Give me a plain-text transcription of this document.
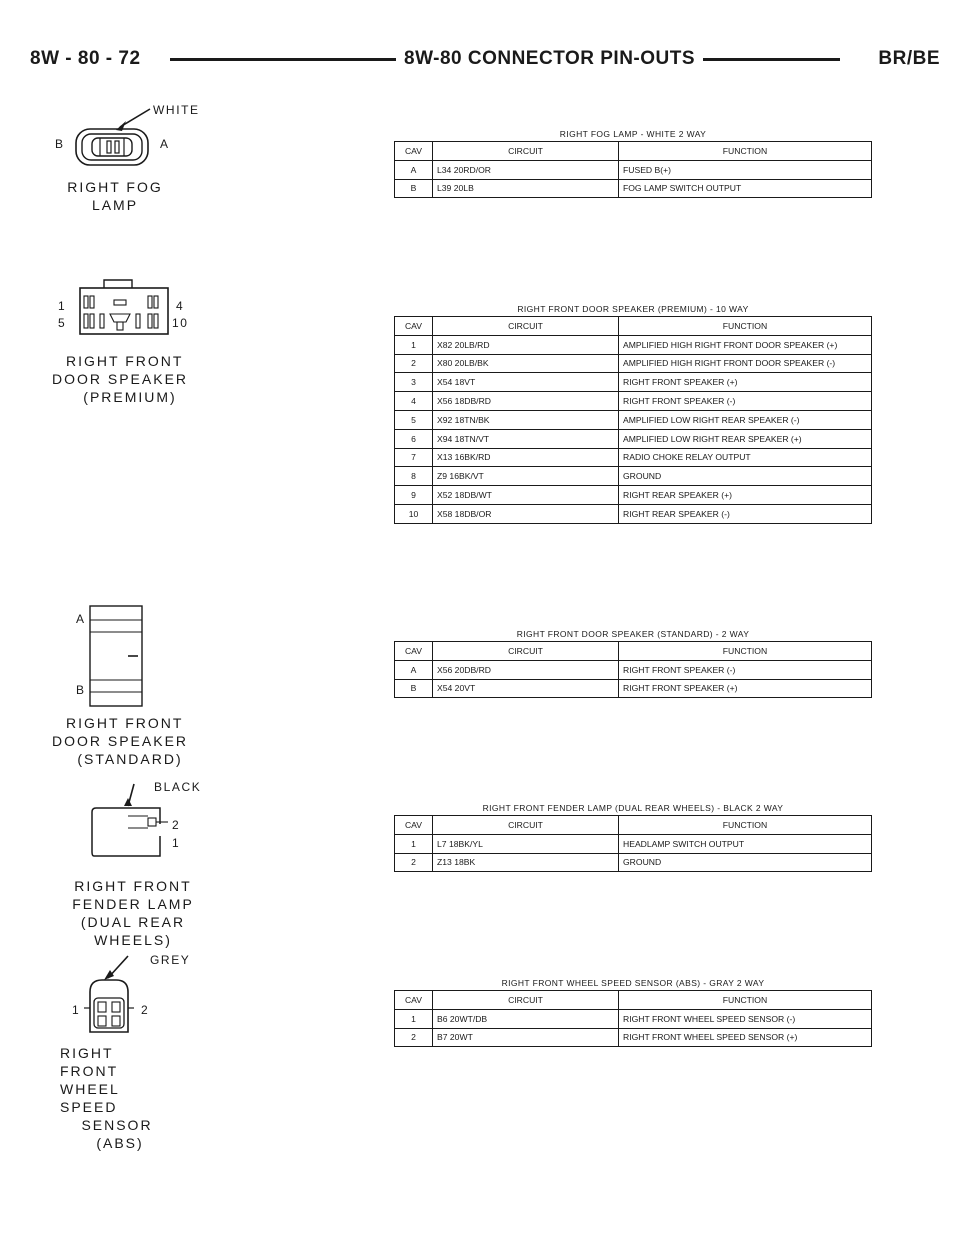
8W - 80 - 72	8W-80 CONNECTOR PIN-OUTS	BR/BE
WHITE
B	A
RIGHT FOG
LAMP
RIGHT FOG LAMP - WHITE 2 WAY
CAV	CIRCUIT	FUNCTION
A	L34 20RD/OR	FUSED B(+)
B	L39 20LB	FOG LAMP SWITCH OUTPUT
1
5
4
10
RIGHT FRONT
DOOR SPEAKER
(PREMIUM)
RIGHT FRONT DOOR SPEAKER (PREMIUM) - 10 WAY
CAV	CIRCUIT	FUNCTION
1	X82 20LB/RD	AMPLIFIED HIGH RIGHT FRONT DOOR SPEAKER (+)
2	X80 20LB/BK	AMPLIFIED HIGH RIGHT FRONT DOOR SPEAKER (-)
3	X54 18VT	RIGHT FRONT SPEAKER (+)
4	X56 18DB/RD	RIGHT FRONT SPEAKER (-)
5	X92 18TN/BK	AMPLIFIED LOW RIGHT REAR SPEAKER (-)
6	X94 18TN/VT	AMPLIFIED LOW RIGHT REAR SPEAKER (+)
7	X13 16BK/RD	RADIO CHOKE RELAY OUTPUT
8	Z9 16BK/VT	GROUND
9	X52 18DB/WT	RIGHT REAR SPEAKER (+)
10	X58 18DB/OR	RIGHT REAR SPEAKER (-)
A
B
RIGHT FRONT
DOOR SPEAKER
(STANDARD)
RIGHT FRONT DOOR SPEAKER (STANDARD) - 2 WAY
CAV	CIRCUIT	FUNCTION
A	X56 20DB/RD	RIGHT FRONT SPEAKER (-)
B	X54 20VT	RIGHT FRONT SPEAKER (+)
BLACK
2
1
RIGHT FRONT
FENDER LAMP
(DUAL REAR WHEELS)
RIGHT FRONT FENDER LAMP (DUAL REAR WHEELS) - BLACK 2 WAY
CAV	CIRCUIT	FUNCTION
1	L7 18BK/YL	HEADLAMP SWITCH OUTPUT
2	Z13 18BK	GROUND
GREY
1	2
RIGHT FRONT
WHEEL SPEED
SENSOR
(ABS)
RIGHT FRONT WHEEL SPEED SENSOR (ABS) - GRAY 2 WAY
CAV	CIRCUIT	FUNCTION
1	B6 20WT/DB	RIGHT FRONT WHEEL SPEED SENSOR (-)
2	B7 20WT	RIGHT FRONT WHEEL SPEED SENSOR (+)
